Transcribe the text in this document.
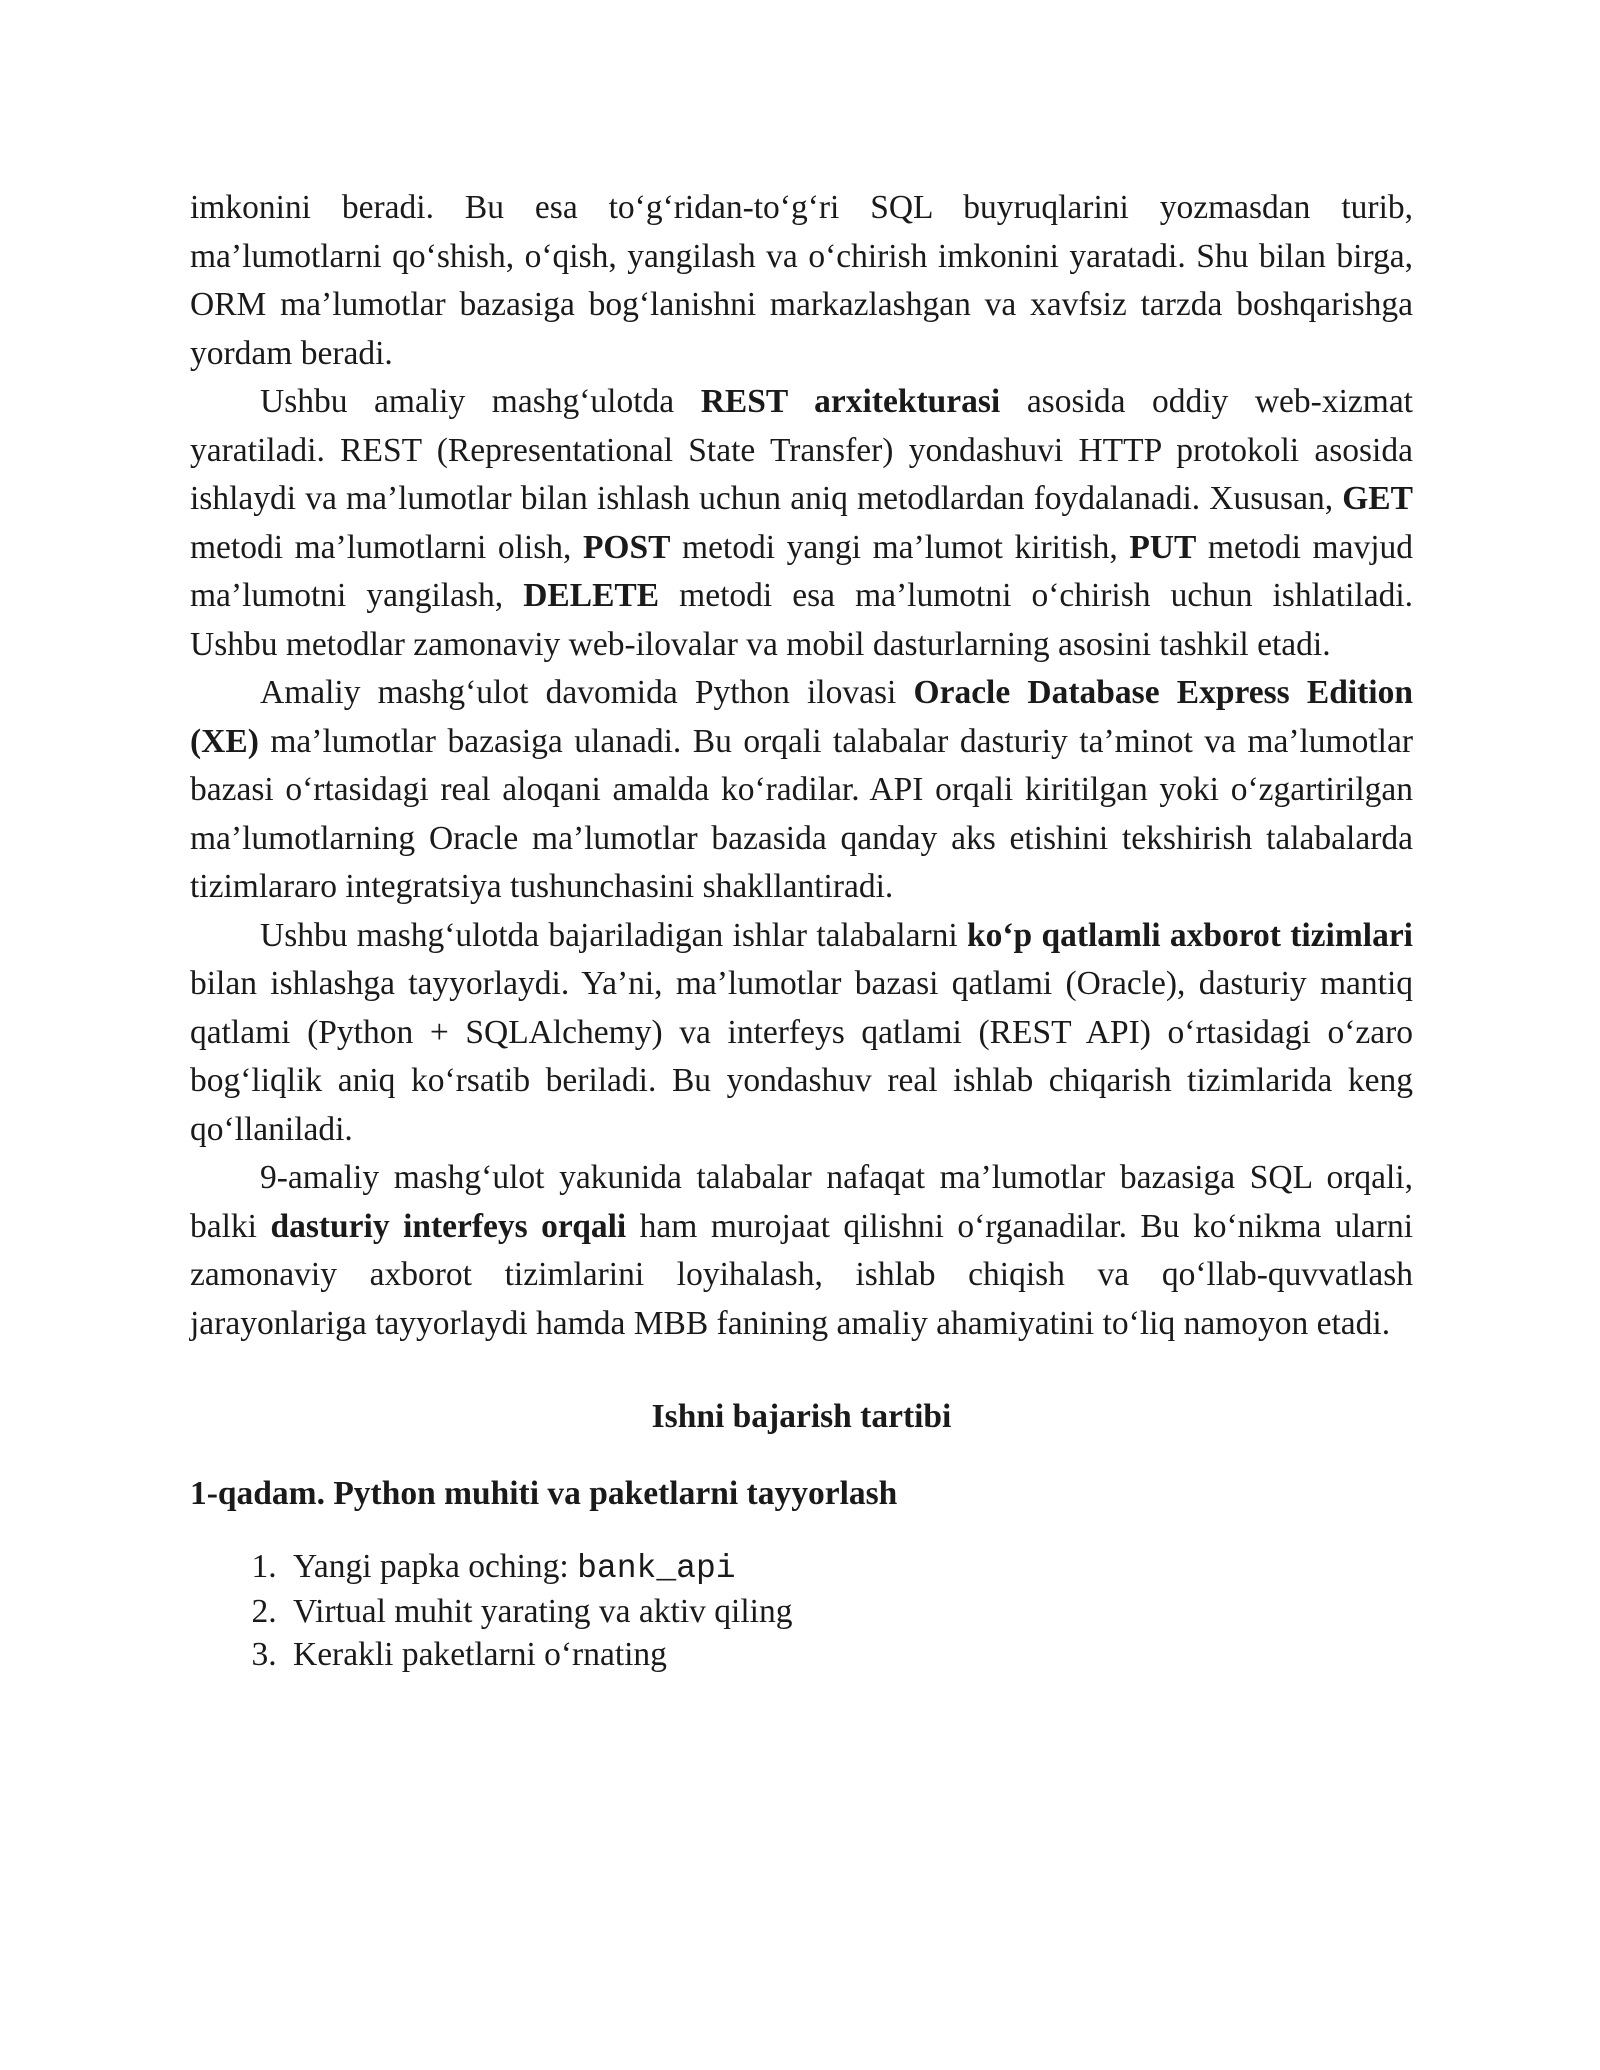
imkonini beradi. Bu esa to‘g‘ridan-to‘g‘ri SQL buyruqlarini yozmasdan turib, ma’lumotlarni qo‘shish, o‘qish, yangilash va o‘chirish imkonini yaratadi. Shu bilan birga, ORM ma’lumotlar bazasiga bog‘lanishni markazlashgan va xavfsiz tarzda boshqarishga yordam beradi.

Ushbu amaliy mashg‘ulotda REST arxitekturasi asosida oddiy web-xizmat yaratiladi. REST (Representational State Transfer) yondashuvi HTTP protokoli asosida ishlaydi va ma’lumotlar bilan ishlash uchun aniq metodlardan foydalanadi. Xususan, GET metodi ma’lumotlarni olish, POST metodi yangi ma’lumot kiritish, PUT metodi mavjud ma’lumotni yangilash, DELETE metodi esa ma’lumotni o‘chirish uchun ishlatiladi. Ushbu metodlar zamonaviy web-ilovalar va mobil dasturlarning asosini tashkil etadi.

Amaliy mashg‘ulot davomida Python ilovasi Oracle Database Express Edition (XE) ma’lumotlar bazasiga ulanadi. Bu orqali talabalar dasturiy ta’minot va ma’lumotlar bazasi o‘rtasidagi real aloqani amalda ko‘radilar. API orqali kiritilgan yoki o‘zgartirilgan ma’lumotlarning Oracle ma’lumotlar bazasida qanday aks etishini tekshirish talabalarda tizimlararo integratsiya tushunchasini shakllantiradi.

Ushbu mashg‘ulotda bajariladigan ishlar talabalarni ko‘p qatlamli axborot tizimlari bilan ishlashga tayyorlaydi. Ya’ni, ma’lumotlar bazasi qatlami (Oracle), dasturiy mantiq qatlami (Python + SQLAlchemy) va interfeys qatlami (REST API) o‘rtasidagi o‘zaro bog‘liqlik aniq ko‘rsatib beriladi. Bu yondashuv real ishlab chiqarish tizimlarida keng qo‘llaniladi.

9-amaliy mashg‘ulot yakunida talabalar nafaqat ma’lumotlar bazasiga SQL orqali, balki dasturiy interfeys orqali ham murojaat qilishni o‘rganadilar. Bu ko‘nikma ularni zamonaviy axborot tizimlarini loyihalash, ishlab chiqish va qo‘llab-quvvatlash jarayonlariga tayyorlaydi hamda MBB fanining amaliy ahamiyatini to‘liq namoyon etadi.

Ishni bajarish tartibi
1-qadam. Python muhiti va paketlarni tayyorlash
1. Yangi papka oching: bank_api
2. Virtual muhit yarating va aktiv qiling
3. Kerakli paketlarni o‘rnating
